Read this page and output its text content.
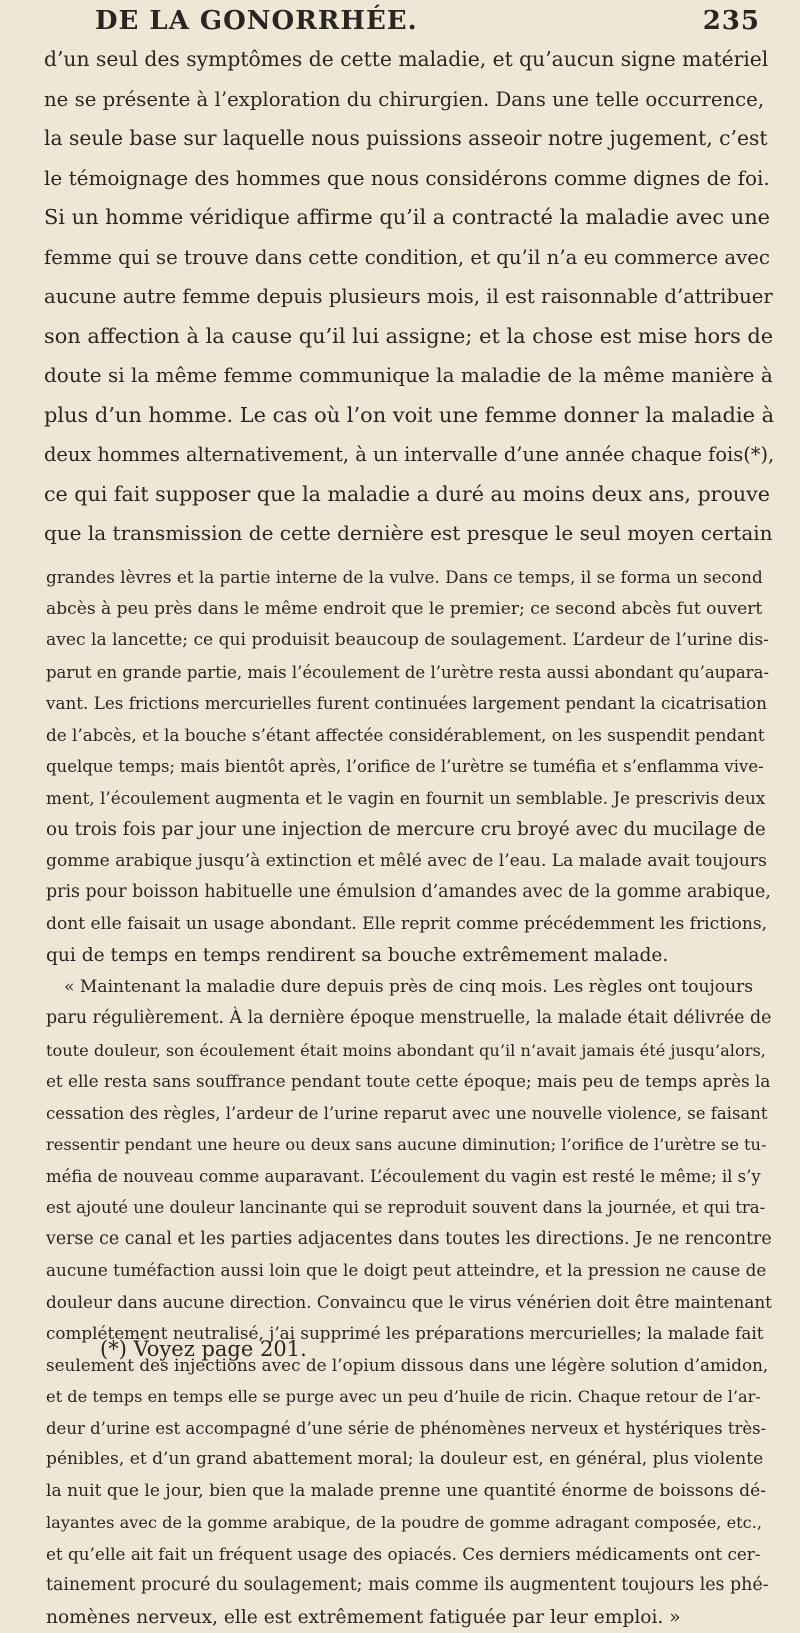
DE LA GONORRHÉE.	235
d’un seul des symptômes de cette maladie, et qu’aucun signe matériel
ne se présente à l’exploration du chirurgien. Dans une telle occurrence,
la seule base sur laquelle nous puissions asseoir notre jugement, c’est
le témoignage des hommes que nous considérons comme dignes de foi.
Si un homme véridique affirme qu’il a contracté la maladie avec une
femme qui se trouve dans cette condition, et qu’il n’a eu commerce avec
aucune autre femme depuis plusieurs mois, il est raisonnable d’attribuer
son affection à la cause qu’il lui assigne; et la chose est mise hors de
doute si la même femme communique la maladie de la même manière à
plus d’un homme. Le cas où l’on voit une femme donner la maladie à
deux hommes alternativement, à un intervalle d’une année chaque fois(*),
ce qui fait supposer que la maladie a duré au moins deux ans, prouve
que la transmission de cette dernière est presque le seul moyen certain
grandes lèvres et la partie interne de la vulve. Dans ce temps, il se forma un second
abcès à peu près dans le même endroit que le premier; ce second abcès fut ouvert
avec la lancette; ce qui produisit beaucoup de soulagement. L’ardeur de l’urine dis-
parut en grande partie, mais l’écoulement de l’urètre resta aussi abondant qu’aupara-
vant. Les frictions mercurielles furent continuées largement pendant la cicatrisation
de l’abcès, et la bouche s’étant affectée considérablement, on les suspendit pendant
quelque temps; mais bientôt après, l’orifice de l’urètre se tuméfia et s’enflamma vive-
ment, l’écoulement augmenta et le vagin en fournit un semblable. Je prescrivis deux
ou trois fois par jour une injection de mercure cru broyé avec du mucilage de
gomme arabique jusqu’à extinction et mêlé avec de l’eau. La malade avait toujours
pris pour boisson habituelle une émulsion d’amandes avec de la gomme arabique,
dont elle faisait un usage abondant. Elle reprit comme précédemment les frictions,
qui de temps en temps rendirent sa bouche extrêmement malade.
« Maintenant la maladie dure depuis près de cinq mois. Les règles ont toujours
paru régulièrement. À la dernière époque menstruelle, la malade était délivrée de
toute douleur, son écoulement était moins abondant qu’il n’avait jamais été jusqu’alors,
et elle resta sans souffrance pendant toute cette époque; mais peu de temps après la
cessation des règles, l’ardeur de l’urine reparut avec une nouvelle violence, se faisant
ressentir pendant une heure ou deux sans aucune diminution; l’orifice de l’urètre se tu-
méfia de nouveau comme auparavant. L’écoulement du vagin est resté le même; il s’y
est ajouté une douleur lancinante qui se reproduit souvent dans la journée, et qui tra-
verse ce canal et les parties adjacentes dans toutes les directions. Je ne rencontre
aucune tuméfaction aussi loin que le doigt peut atteindre, et la pression ne cause de
douleur dans aucune direction. Convaincu que le virus vénérien doit être maintenant
complétement neutralisé, j’ai supprimé les préparations mercurielles; la malade fait
seulement des injections avec de l’opium dissous dans une légère solution d’amidon,
et de temps en temps elle se purge avec un peu d’huile de ricin. Chaque retour de l’ar-
deur d’urine est accompagné d’une série de phénomènes nerveux et hystériques très-
pénibles, et d’un grand abattement moral; la douleur est, en général, plus violente
la nuit que le jour, bien que la malade prenne une quantité énorme de boissons dé-
layantes avec de la gomme arabique, de la poudre de gomme adragant composée, etc.,
et qu’elle ait fait un fréquent usage des opiacés. Ces derniers médicaments ont cer-
tainement procuré du soulagement; mais comme ils augmentent toujours les phé-
nomènes nerveux, elle est extrêmement fatiguée par leur emploi. »
(*) Voyez page 201.
